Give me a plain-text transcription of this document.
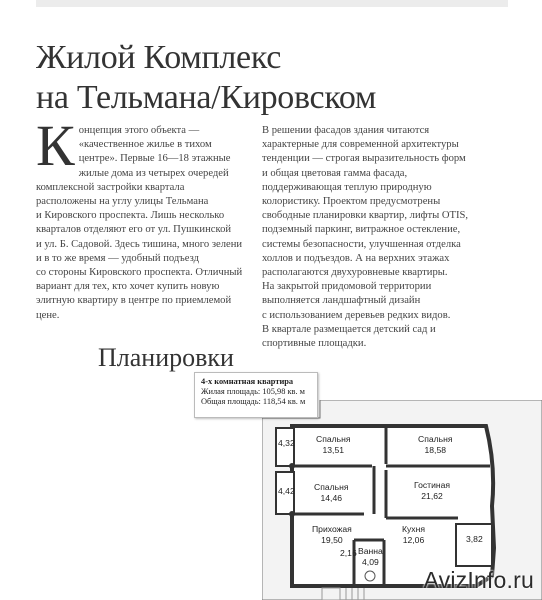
Жилой Комплекс
на Тельмана/Кировском
К онцепция этого объекта —
«качественное жилье в тихом
центре». Первые 16—18 этажные
жилые дома из четырех очередей
комплексной застройки квартала
расположены на углу улицы Тельмана
и Кировского проспекта. Лишь несколько
кварталов отделяют его от ул. Пушкинской
и ул. Б. Садовой. Здесь тишина, много зелени
и в то же время — удобный подъезд
со стороны Кировского проспекта. Отличный
вариант для тех, кто хочет купить новую
элитную квартиру в центре по приемлемой
цене.

В решении фасадов здания читаются
характерные для современной архитектуры
тенденции — строгая выразительность форм
и общая цветовая гамма фасада,
поддерживающая теплую природную
колористику. Проектом предусмотрены
свободные планировки квартир, лифты OTIS,
подземный паркинг, витражное остекление,
системы безопасности, улучшенная отделка
холлов и подъездов. А на верхних этажах
располагаются двухуровневые квартиры.
На закрытой придомовой территории
выполняется ландшафтный дизайн
с использованием деревьев редких видов.

В квартале размещается детский сад и
спортивные площадки.

Планировки
4-х комнатная квартира
Жилая площадь: 105,98 кв. м
Общая площадь: 118,54 кв. м
Спальня
13,51
Спальня
18,58
Спальня
14,46
Гостиная
21,62
Прихожая
19,50
Кухня
12,06
Ванна
4,09
4,32
4,42
3,82
2,16
AvizInfo.ru
